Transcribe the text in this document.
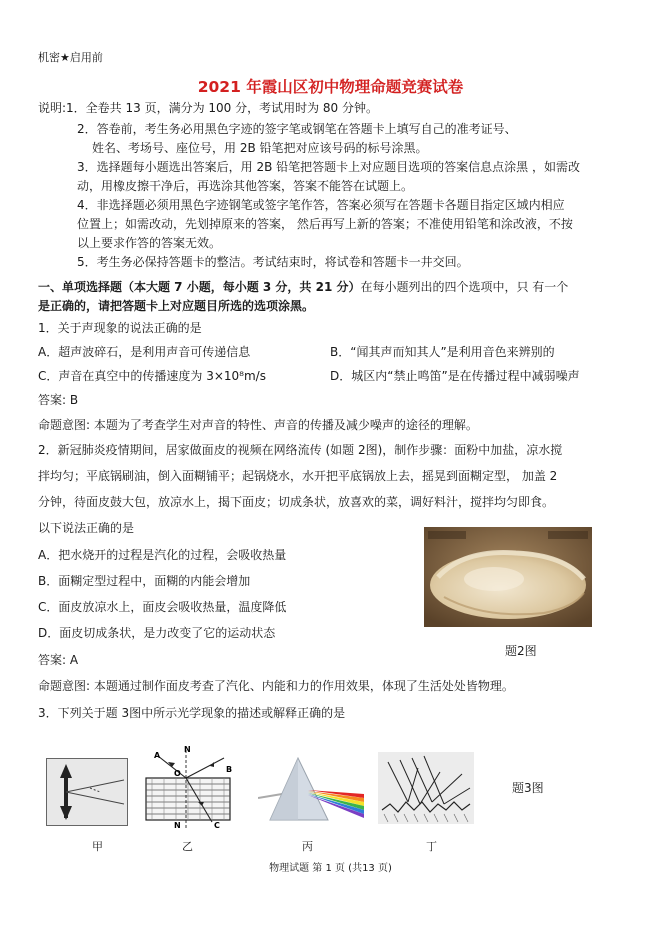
机密★启用前
2021 年霞山区初中物理命题竞赛试卷
说明:1．全卷共 13 页，满分为 100 分，考试用时为 80 分钟。
2．答卷前，考生务必用黑色字迹的签字笔或钢笔在答题卡上填写自己的准考证号、
姓名、考场号、座位号，用 2B 铅笔把对应该号码的标号涂黑。
3．选择题每小题选出答案后，用 2B 铅笔把答题卡上对应题目选项的答案信息点涂黑 ，如需改
动，用橡皮擦干净后，再选涂其他答案，答案不能答在试题上。
4．非选择题必须用黑色字迹钢笔或签字笔作答，答案必须写在答题卡各题目指定区域内相应
位置上；如需改动，先划掉原来的答案， 然后再写上新的答案；不准使用铅笔和涂改液，不按
以上要求作答的答案无效。
5．考生务必保持答题卡的整洁。考试结束时，将试卷和答题卡一井交回。
一、单项选择题（本大题 7 小题，每小题 3 分，共 21 分）在每小题列出的四个选项中，只 有一个
是正确的，请把答题卡上对应题目所选的选项涂黑。
1．关于声现象的说法正确的是
A．超声波碎石，是利用声音可传递信息	B．“闻其声而知其人”是利用音色来辨别的
C．声音在真空中的传播速度为 3×10⁸m/s	D．城区内“禁止鸣笛”是在传播过程中减弱噪声
答案: B
命题意图: 本题为了考查学生对声音的特性、声音的传播及减少噪声的途径的理解。
2．新冠肺炎疫情期间，居家做面皮的视频在网络流传 (如题 2图)，制作步骤：面粉中加盐，凉水搅
拌均匀；平底锅刷油，倒入面糊铺平；起锅烧水，水开把平底锅放上去，摇晃到面糊定型， 加盖 2
分钟，待面皮鼓大包，放凉水上，揭下面皮；切成条状，放喜欢的菜，调好料汁，搅拌均匀即食。
以下说法正确的是
A．把水烧开的过程是汽化的过程，会吸收热量
B．面糊定型过程中，面糊的内能会增加
C．面皮放凉水上，面皮会吸收热量，温度降低
D．面皮切成条状，是力改变了它的运动状态
答案: A
题2图
命题意图: 本题通过制作面皮考查了汽化、内能和力的作用效果，体现了生活处处皆物理。
3．下列关于题 3图中所示光学现象的描述或解释正确的是
N
A
O	B
N	C
题3图
甲	乙	丙	丁
物理试题 第 1 页 (共13 页)
